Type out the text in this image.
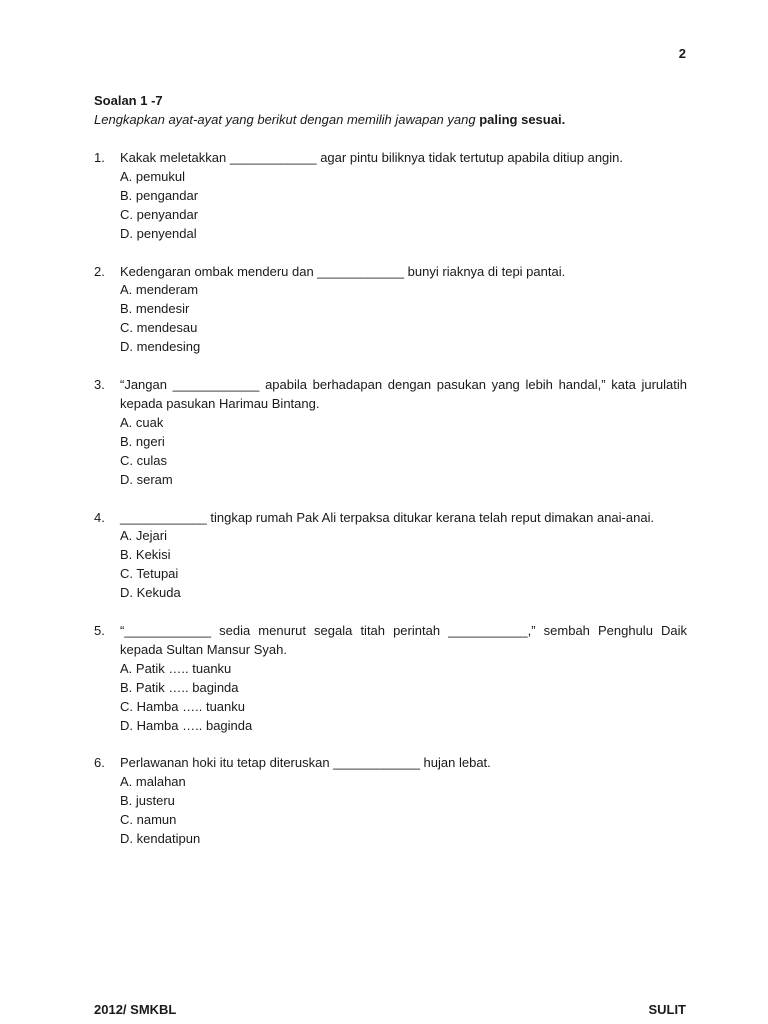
2
Soalan 1 -7
Lengkapkan ayat-ayat yang berikut dengan memilih jawapan yang paling sesuai.
1. Kakak meletakkan ____________ agar pintu biliknya tidak tertutup apabila ditiup angin.
A. pemukul
B. pengandar
C. penyandar
D. penyendal
2. Kedengaran ombak menderu dan ____________ bunyi riaknya di tepi pantai.
A. menderam
B. mendesir
C. mendesau
D. mendesing
3. “Jangan ____________ apabila berhadapan dengan pasukan yang lebih handal,” kata jurulatih kepada pasukan Harimau Bintang.
A. cuak
B. ngeri
C. culas
D. seram
4. ____________ tingkap rumah Pak Ali terpaksa ditukar kerana telah reput dimakan anai-anai.
A. Jejari
B. Kekisi
C. Tetupai
D. Kekuda
5. “____________ sedia menurut segala titah perintah ___________,” sembah Penghulu Daik kepada Sultan Mansur Syah.
A. Patik ….. tuanku
B. Patik ….. baginda
C. Hamba ….. tuanku
D. Hamba ….. baginda
6. Perlawanan hoki itu tetap diteruskan ____________ hujan lebat.
A. malahan
B. justeru
C. namun
D. kendatipun
2012/ SMKBL	SULIT
